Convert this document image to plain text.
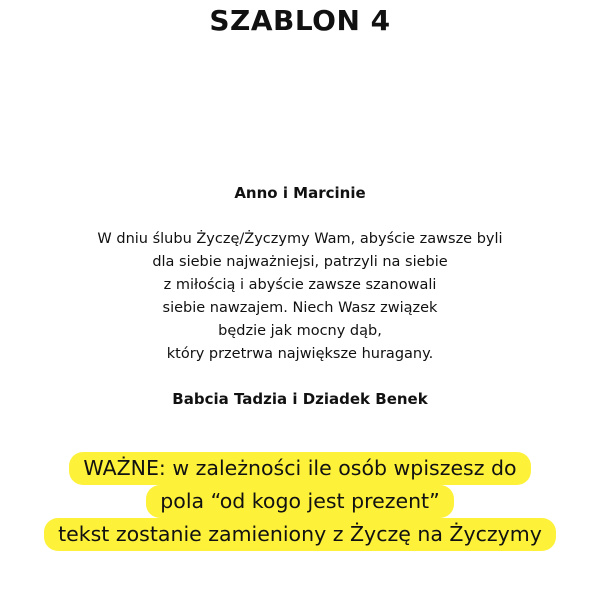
SZABLON 4
Anno i Marcinie
W dniu ślubu Życzę/Życzymy Wam, abyście zawsze byli
dla siebie najważniejsi, patrzyli na siebie
z miłością i abyście zawsze szanowali
siebie nawzajem. Niech Wasz związek
będzie jak mocny dąb,
który przetrwa największe huragany.
Babcia Tadzia i Dziadek Benek
WAŻNE: w zależności ile osób wpiszesz do
pola “od kogo jest prezent”
tekst zostanie zamieniony z Życzę na Życzymy
